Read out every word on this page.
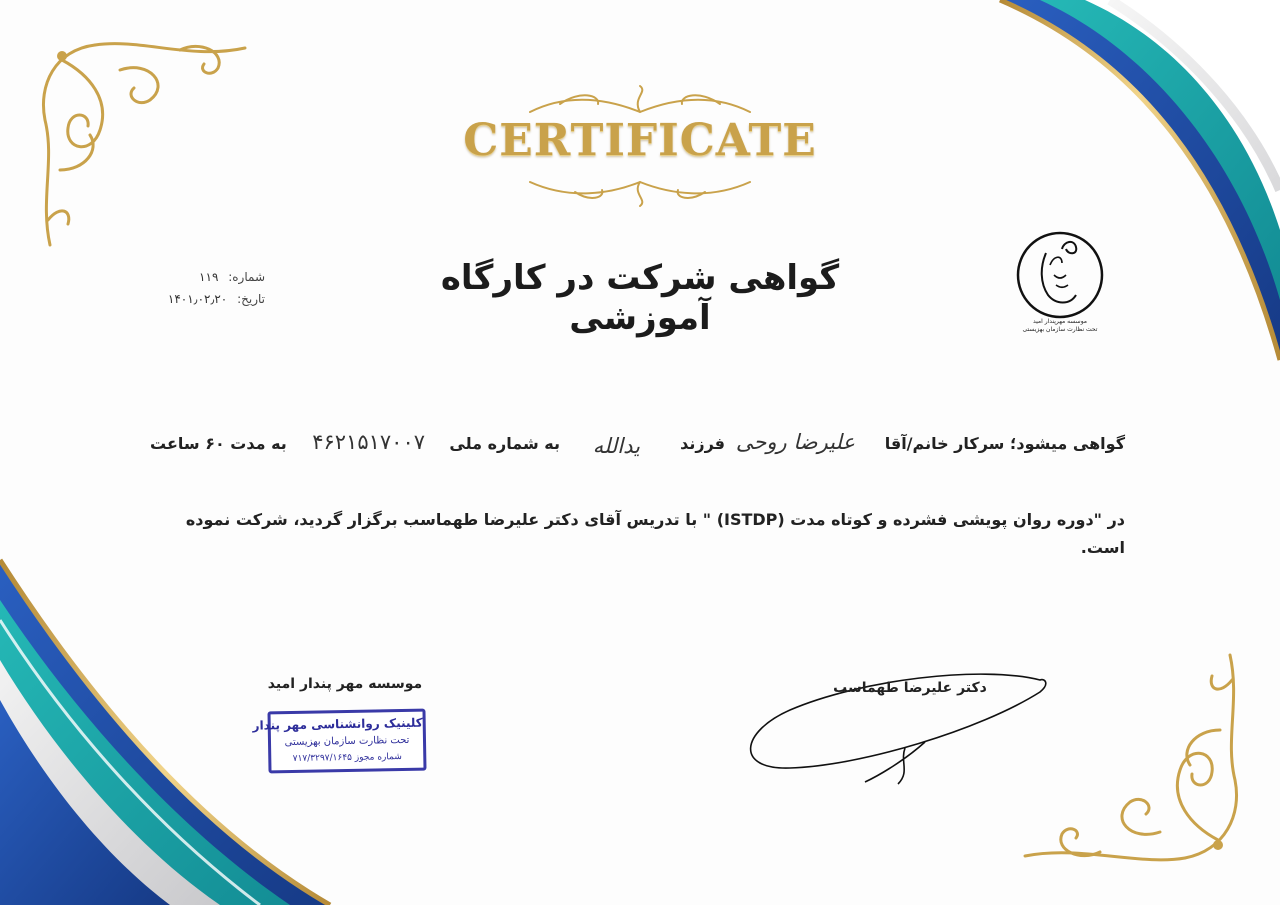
CERTIFICATE
گواهی شرکت در کارگاه آموزشی
شماره: ۱۱۹
تاریخ: ۱۴۰۱٫۰۲٫۲۰
موسسه مهرپندار امید
تحت نظارت سازمان بهزیستی
گواهی میشود؛ سرکار خانم/آقا
علیرضا روحی
فرزند
یدالله
به شماره ملی
۴۶۲۱۵۱۷۰۰۷
به مدت ۶۰ ساعت
در "دوره روان پویشی فشرده و کوتاه مدت (ISTDP) " با تدریس آقای دکتر علیرضا طهماسب برگزار گردید، شرکت نموده است.
موسسه مهر پندار امید
کلینیک روانشناسی مهر پندار
تحت نظارت سازمان بهزیستی
شماره مجوز ۷۱۷/۳۲۹۷/۱۶۴۵
دکتر علیرضا طهماسب
